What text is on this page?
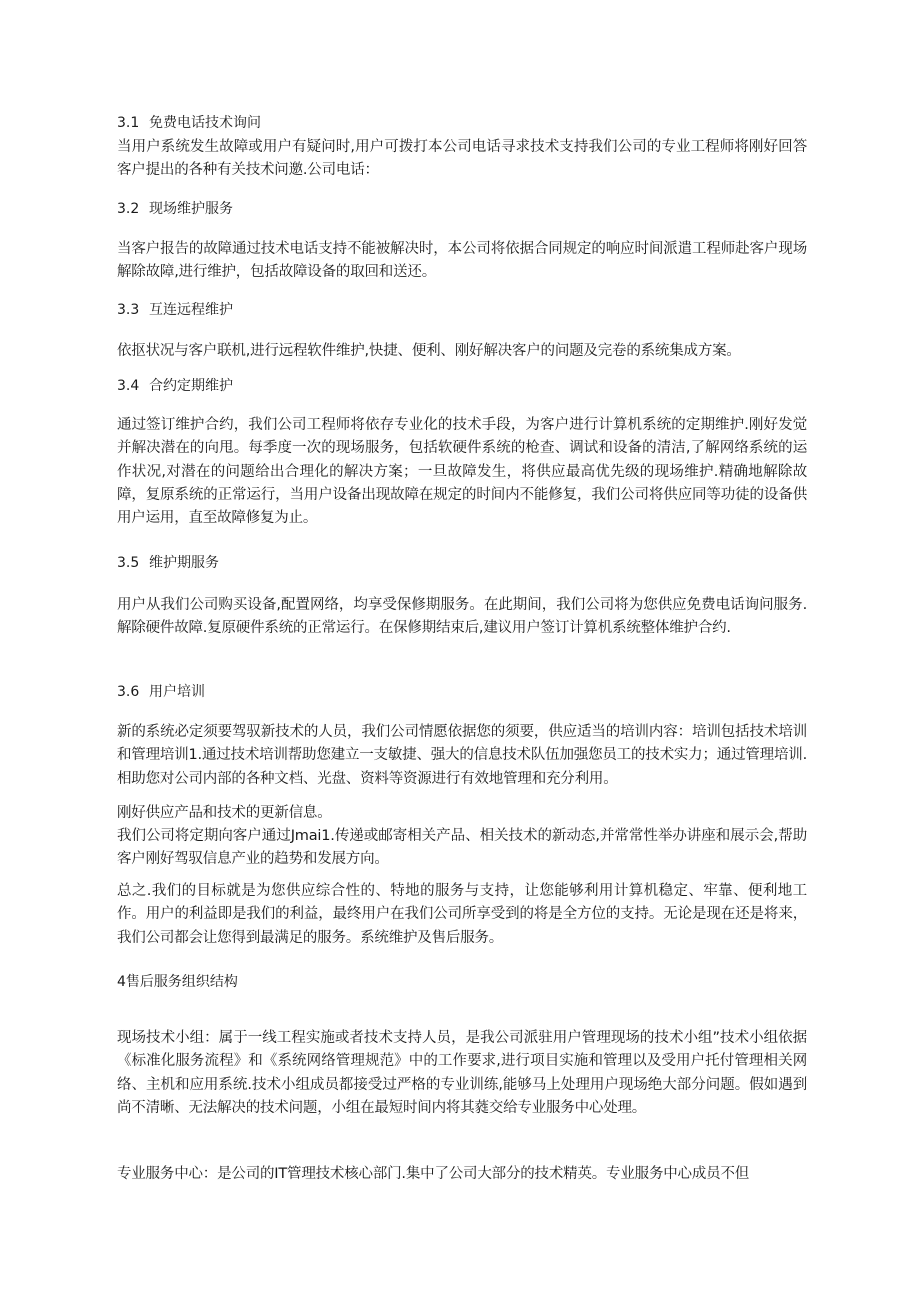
3.1 免费电话技术询问

当用户系统发生故障或用户有疑问时,用户可拨打本公司电话寻求技术支持我们公司的专业工程师将刚好回答客户提出的各种有关技术问邀.公司电话：

3.2 现场维护服务

当客户报告的故障通过技术电话支持不能被解决时，本公司将依据合同规定的响应时间派遣工程师赴客户现场解除故障,进行维护，包括故障设备的取回和送还。

3.3 互连远程维护

依抠状况与客户联机,进行远程软件维护,快捷、便利、刚好解决客户的问题及完卷的系统集成方案。

3.4 合约定期维护

通过签订维护合约，我们公司工程师将依存专业化的技术手段，为客户进行计算机系统的定期维护.刚好发觉并解决潜在的向甩。每季度一次的现场服务，包括软硬件系统的枪查、调试和设备的清洁,了解网络系统的运作状况,对潜在的问题给出合理化的解决方案；一旦故障发生，将供应最高优先级的现场维护.精确地解除故障，复原系统的正常运行，当用户设备出现故障在规定的时间内不能修复，我们公司将供应同等功徒的设备供用户运用，直至故障修复为止。

3.5 维护期服务

用户从我们公司购买设备,配置网络，均享受保修期服务。在此期间，我们公司将为您供应免费电话询问服务.解除硬件故障.复原硬件系统的正常运行。在保修期结束后,建议用户签订计算机系统整体维护合约.

3.6 用户培训

新的系统必定须要驾驭新技术的人员，我们公司情愿依据您的须要，供应适当的培训内容：培训包括技术培训和管理培训1.通过技术培训帮助您建立一支敏捷、强大的信息技术队伍加强您员工的技术实力；通过管理培训.相助您对公司内部的各种文档、光盘、资料等资源进行有效地管理和充分利用。

刚好供应产品和技术的更新信息。

我们公司将定期向客户通过Jmai1.传递或邮寄相关产品、相关技术的新动态,并常常性举办讲座和展示会,帮助客户刚好驾驭信息产业的趋势和发展方向。

总之.我们的目标就是为您供应综合性的、特地的服务与支持，让您能够利用计算机稳定、牢靠、便利地工作。用户的利益即是我们的利益，最终用户在我们公司所享受到的将是全方位的支持。无论是现在还是将来，我们公司都会让您得到最满足的服务。系统维护及售后服务。

4售后服务组织结构

现场技术小组：属于一线工程实施或者技术支持人员，是我公司派驻用户管理现场的技术小组”技术小组依据《标准化服务流程》和《系统网络管理规范》中的工作要求,进行项目实施和管理以及受用户托付管理相关网络、主机和应用系统.技术小组成员都接受过严格的专业训练,能够马上处理用户现场绝大部分问题。假如遇到尚不清晰、无法解决的技术问题，小组在最短时间内将其蕤交给专业服务中心处理。

专业服务中心：是公司的IT管理技术核心部门.集中了公司大部分的技术精英。专业服务中心成员不但
